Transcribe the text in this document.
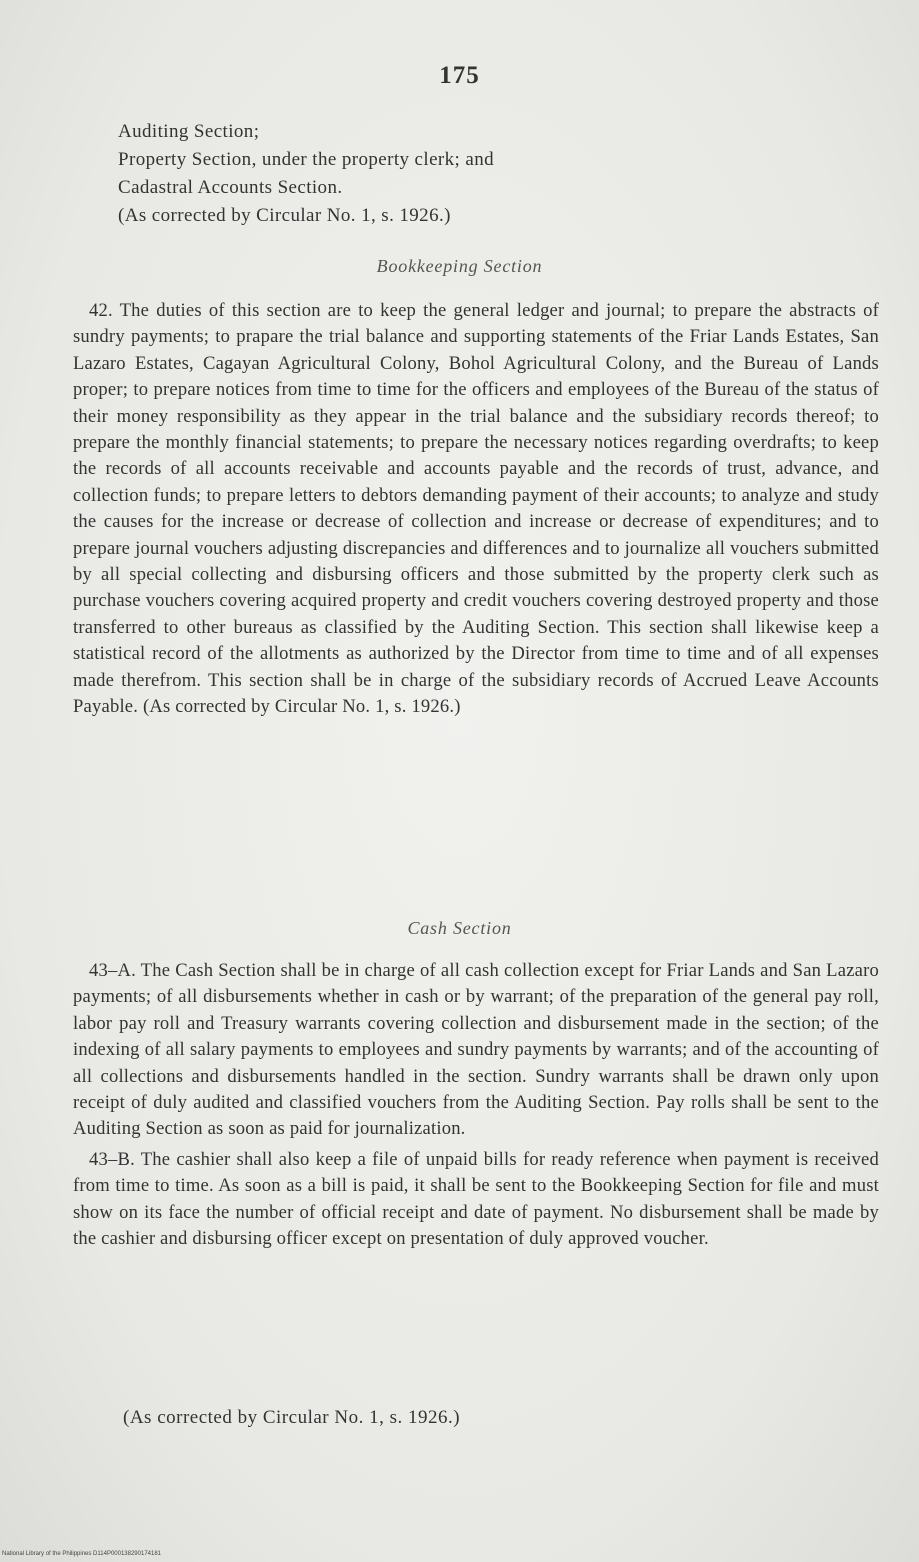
175
Auditing Section;
Property Section, under the property clerk; and
Cadastral Accounts Section.
(As corrected by Circular No. 1, s. 1926.)
Bookkeeping Section

42. The duties of this section are to keep the general ledger and journal; to prepare the abstracts of sundry payments; to prapare the trial balance and supporting statements of the Friar Lands Estates, San Lazaro Estates, Cagayan Agricultural Colony, Bohol Agricultural Colony, and the Bureau of Lands proper; to prepare notices from time to time for the officers and employees of the Bureau of the status of their money responsibility as they appear in the trial balance and the subsidiary records thereof; to prepare the monthly financial statements; to prepare the necessary notices regarding overdrafts; to keep the records of all accounts receivable and accounts payable and the records of trust, advance, and collection funds; to prepare letters to debtors demanding payment of their accounts; to analyze and study the causes for the increase or decrease of collection and increase or decrease of expenditures; and to prepare journal vouchers adjusting discrepancies and differences and to journalize all vouchers submitted by all special collecting and disbursing officers and those submitted by the property clerk such as purchase vouchers covering acquired property and credit vouchers covering destroyed property and those transferred to other bureaus as classified by the Auditing Section. This section shall likewise keep a statistical record of the allotments as authorized by the Director from time to time and of all expenses made therefrom. This section shall be in charge of the subsidiary records of Accrued Leave Accounts Payable. (As corrected by Circular No. 1, s. 1926.)

Cash Section

43–A. The Cash Section shall be in charge of all cash collection except for Friar Lands and San Lazaro payments; of all disbursements whether in cash or by warrant; of the preparation of the general pay roll, labor pay roll and Treasury warrants covering collection and disbursement made in the section; of the indexing of all salary payments to employees and sundry payments by warrants; and of the accounting of all collections and disbursements handled in the section. Sundry warrants shall be drawn only upon receipt of duly audited and classified vouchers from the Auditing Section. Pay rolls shall be sent to the Auditing Section as soon as paid for journalization.

43–B. The cashier shall also keep a file of unpaid bills for ready reference when payment is received from time to time. As soon as a bill is paid, it shall be sent to the Bookkeeping Section for file and must show on its face the number of official receipt and date of payment. No disbursement shall be made by the cashier and disbursing officer except on presentation of duly approved voucher.

(As corrected by Circular No. 1, s. 1926.)
National Library of the Philippines D114P000138290174181
